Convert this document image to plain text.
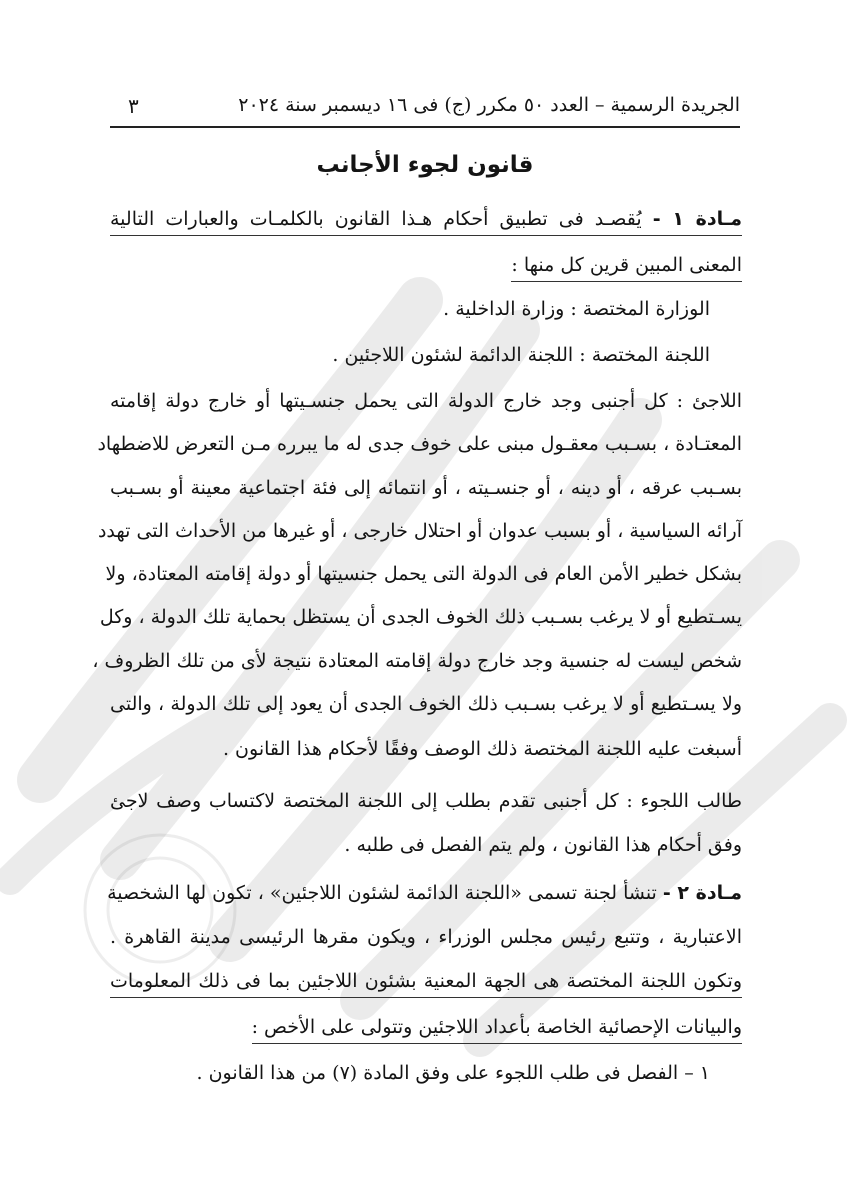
الجريدة الرسمية – العدد ٥٠ مكرر (ج) فى ١٦ ديسمبر سنة ٢٠٢٤
٣
قانون لجوء الأجانب
مـادة ١ - يُقصـد فى تطبيق أحكام هـذا القانون بالكلمـات والعبارات التالية
المعنى المبين قرين كل منها :
الوزارة المختصة : وزارة الداخلية .
اللجنة المختصة : اللجنة الدائمة لشئون اللاجئين .
اللاجئ : كل أجنبى وجد خارج الدولة التى يحمل جنسـيتها أو خارج دولة إقامته
المعتـادة ، بسـبب معقـول مبنى على خوف جدى له ما يبرره مـن التعرض للاضطهاد
بسـبب عرقه ، أو دينه ، أو جنسـيته ، أو انتمائه إلى فئة اجتماعية معينة أو بسـبب
آرائه السياسية ، أو بسبب عدوان أو احتلال خارجى ، أو غيرها من الأحداث التى تهدد
بشكل خطير الأمن العام فى الدولة التى يحمل جنسيتها أو دولة إقامته المعتادة، ولا
يسـتطيع أو لا يرغب بسـبب ذلك الخوف الجدى أن يستظل بحماية تلك الدولة ، وكل
شخص ليست له جنسية وجد خارج دولة إقامته المعتادة نتيجة لأى من تلك الظروف ،
ولا يسـتطيع أو لا يرغب بسـبب ذلك الخوف الجدى أن يعود إلى تلك الدولة ، والتى
أسبغت عليه اللجنة المختصة ذلك الوصف وفقًا لأحكام هذا القانون .
طالب اللجوء : كل أجنبى تقدم بطلب إلى اللجنة المختصة لاكتساب وصف لاجئ
وفق أحكام هذا القانون ، ولم يتم الفصل فى طلبه .
مـادة ٢ - تنشأ لجنة تسمى «اللجنة الدائمة لشئون اللاجئين» ، تكون لها الشخصية
الاعتبارية ، وتتبع رئيس مجلس الوزراء ، ويكون مقرها الرئيسى مدينة القاهرة .
وتكون اللجنة المختصة هى الجهة المعنية بشئون اللاجئين بما فى ذلك المعلومات
والبيانات الإحصائية الخاصة بأعداد اللاجئين وتتولى على الأخص :
١ – الفصل فى طلب اللجوء على وفق المادة (٧) من هذا القانون .
